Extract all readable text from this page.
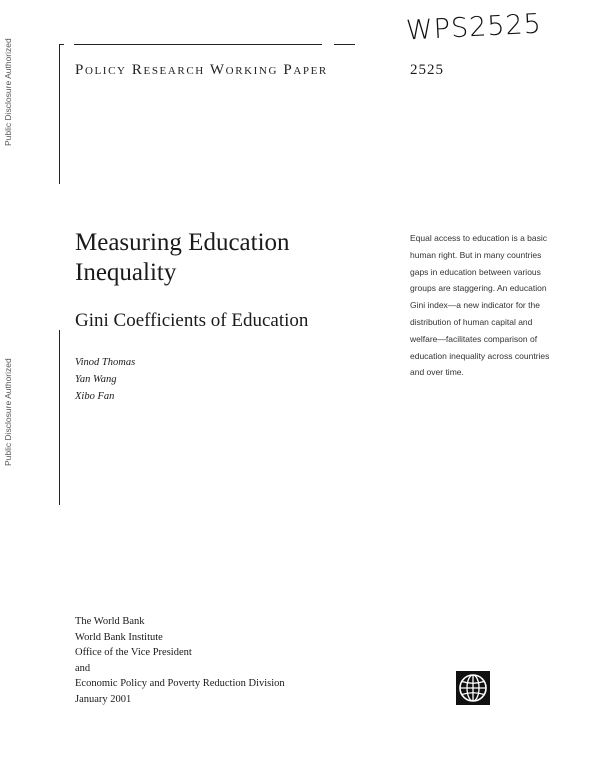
Public Disclosure Authorized
Public Disclosure Authorized
WPS2525
Policy Research Working Paper	2525
Measuring Education Inequality
Gini Coefficients of Education
Vinod Thomas
Yan Wang
Xibo Fan
Equal access to education is a basic human right. But in many countries gaps in education between various groups are staggering. An education Gini index—a new indicator for the distribution of human capital and welfare—facilitates comparison of education inequality across countries and over time.
The World Bank
World Bank Institute
Office of the Vice President
and
Economic Policy and Poverty Reduction Division
January 2001
